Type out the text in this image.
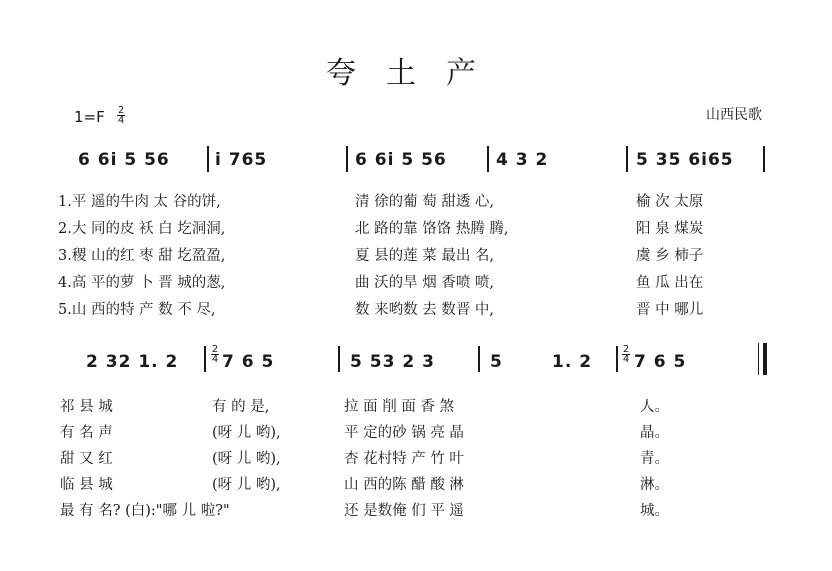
夸土产
1=F 2
4	山西民歌
6 6i 5 56	i 765	6 6i 5 56	4 3 2	5 35 6i65
1.平 遥的牛肉 太 谷的饼,	清 徐的葡 萄 甜透 心,	榆 次 太原
2.大 同的皮 袄 白 圪洞洞,	北 路的靠 饹饹 热腾 腾,	阳 泉 煤炭
3.稷 山的红 枣 甜 圪盈盈,	夏 县的莲 菜 最出 名,	虞 乡 柿子
4.高 平的萝 卜 晋 城的葱,	曲 沃的旱 烟 香喷 喷,	鱼 瓜 出在
5.山 西的特 产 数 不 尽,	数 来哟数 去 数晋 中,	晋 中 哪儿
2 32 1. 2
2
4 7 6 5	5 53 2 3	5	1. 2
2
4 7 6 5
祁 县 城	有 的 是,	拉 面 削 面 香 煞	人。
有 名 声	(呀 儿 哟),	平 定的砂 锅 亮 晶	晶。
甜 又 红	(呀 儿 哟),	杏 花村特 产 竹 叶	青。
临 县 城	(呀 儿 哟),	山 西的陈 醋 酸 淋	淋。
最 有 名? (白):"哪 儿 啦?"	还 是数俺 们 平 遥	城。
